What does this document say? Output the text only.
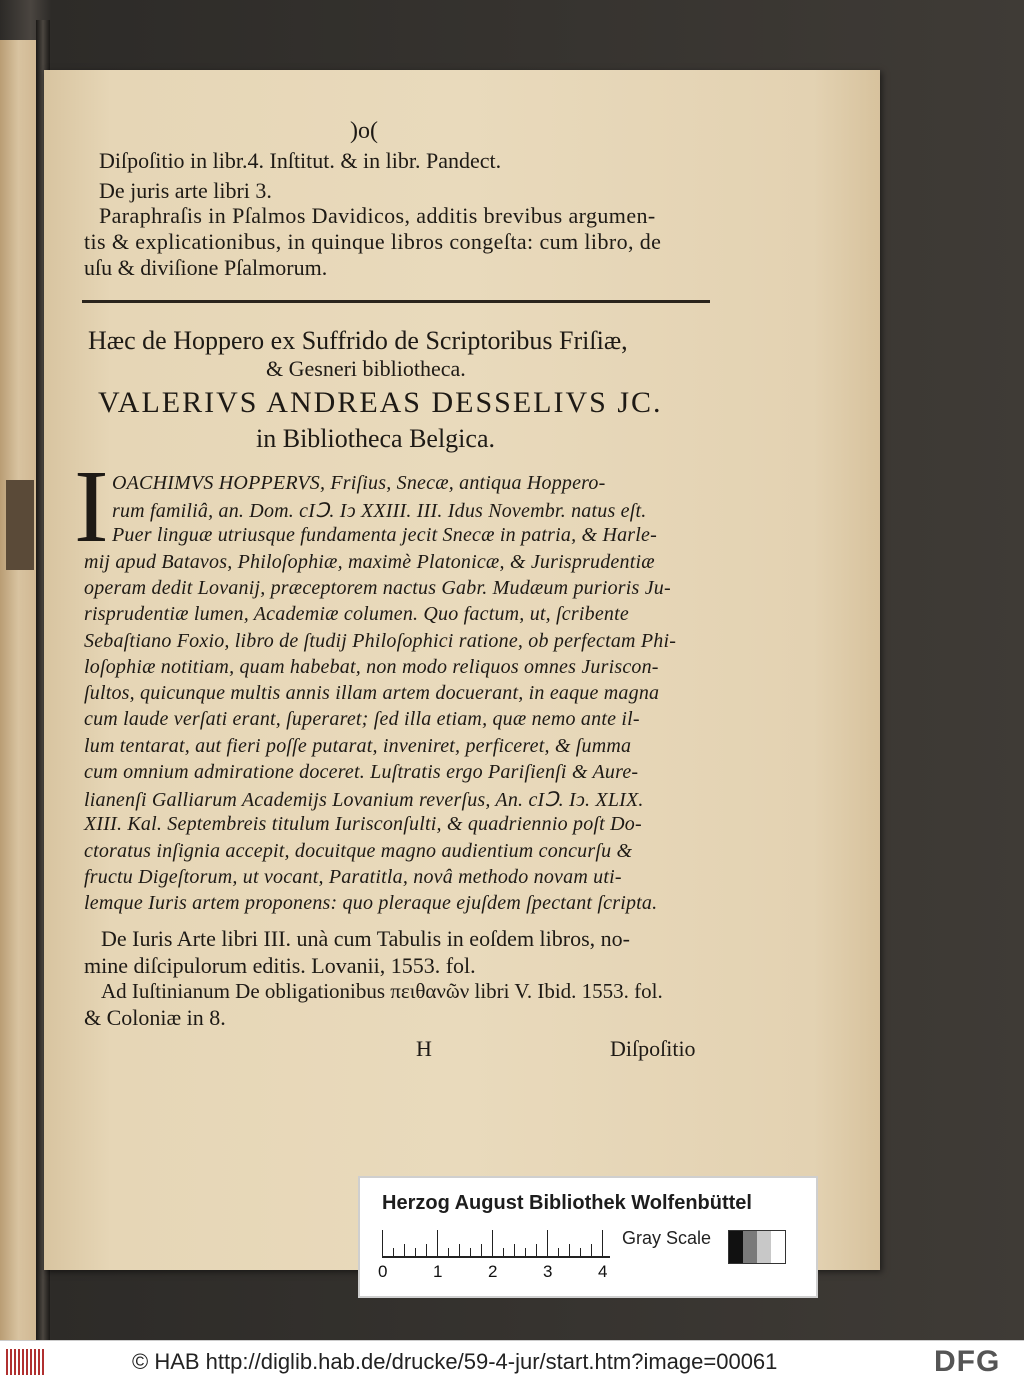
)o(
Diſpoſitio in libr.4. Inſtitut. & in libr. Pandect.
De juris arte libri 3.
Paraphraſis in Pſalmos Davidicos, additis brevibus argumen-
tis & explicationibus, in quinque libros congeſta: cum libro, de
uſu & diviſione Pſalmorum.
Hæc de Hoppero ex Suffrido de Scriptoribus Friſiæ,
& Gesneri bibliotheca.
VALERIVS ANDREAS DESSELIVS JC.
in Bibliotheca Belgica.
I OACHIMVS HOPPERVS, Friſius, Snecæ, antiqua Hoppero-
rum familiâ, an. Dom. cIↃ. Iↄ XXIII. III. Idus Novembr. natus eſt.
Puer linguæ utriusque fundamenta jecit Snecæ in patria, & Harle-
mij apud Batavos, Philoſophiæ, maximè Platonicæ, & Jurisprudentiæ
operam dedit Lovanij, præceptorem nactus Gabr. Mudæum purioris Ju-
risprudentiæ lumen, Academiæ columen. Quo factum, ut, ſcribente
Sebaſtiano Foxio, libro de ſtudij Philoſophici ratione, ob perfectam Phi-
loſophiæ notitiam, quam habebat, non modo reliquos omnes Juriscon-
ſultos, quicunque multis annis illam artem docuerant, in eaque magna
cum laude verſati erant, ſuperaret; ſed illa etiam, quæ nemo ante il-
lum tentarat, aut fieri poſſe putarat, inveniret, perficeret, & ſumma
cum omnium admiratione doceret. Luſtratis ergo Pariſienſi & Aure-
lianenſi Galliarum Academijs Lovanium reverſus, An. cIↃ. Iↄ. XLIX.
XIII. Kal. Septembreis titulum Iurisconſulti, & quadriennio poſt Do-
ctoratus inſignia accepit, docuitque magno audientium concurſu &
fructu Digeſtorum, ut vocant, Paratitla, novâ methodo novam uti-
lemque Iuris artem proponens: quo pleraque ejuſdem ſpectant ſcripta.
De Iuris Arte libri III. unà cum Tabulis in eoſdem libros, no-
mine diſcipulorum editis. Lovanii, 1553. fol.
Ad Iuſtinianum De obligationibus πειθανῶν libri V. Ibid. 1553. fol.
& Coloniæ in 8.
H	Diſpoſitio
Herzog August Bibliothek Wolfenbüttel
0	1	2	3	4
Gray Scale
© HAB http://diglib.hab.de/drucke/59-4-jur/start.htm?image=00061	DFG
